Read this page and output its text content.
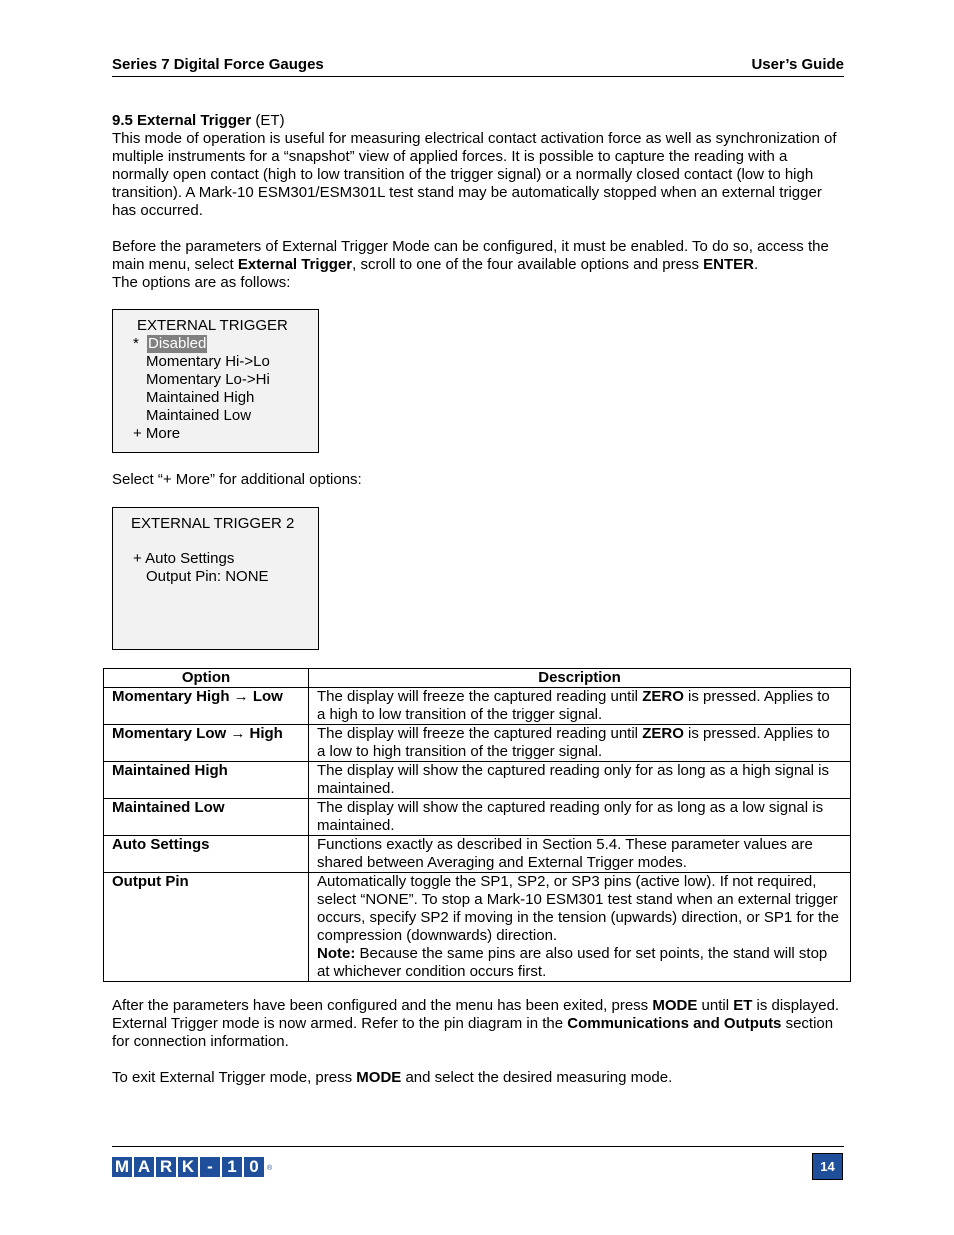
Series 7 Digital Force Gauges	User’s Guide
9.5 External Trigger (ET)
This mode of operation is useful for measuring electrical contact activation force as well as synchronization of multiple instruments for a “snapshot” view of applied forces. It is possible to capture the reading with a normally open contact (high to low transition of the trigger signal) or a normally closed contact (low to high transition). A Mark-10 ESM301/ESM301L test stand may be automatically stopped when an external trigger has occurred.
Before the parameters of External Trigger Mode can be configured, it must be enabled. To do so, access the main menu, select External Trigger, scroll to one of the four available options and press ENTER.
The options are as follows:
EXTERNAL TRIGGER
* Disabled
Momentary Hi->Lo
Momentary Lo->Hi
Maintained High
Maintained Low
+ More
Select “+ More” for additional options:
EXTERNAL TRIGGER 2
+ Auto Settings
Output Pin: NONE
Option	Description
Momentary High → Low	The display will freeze the captured reading until ZERO is pressed. Applies to a high to low transition of the trigger signal.
Momentary Low → High	The display will freeze the captured reading until ZERO is pressed. Applies to a low to high transition of the trigger signal.
Maintained High	The display will show the captured reading only for as long as a high signal is maintained.
Maintained Low	The display will show the captured reading only for as long as a low signal is maintained.
Auto Settings	Functions exactly as described in Section 5.4. These parameter values are shared between Averaging and External Trigger modes.
Output Pin	Automatically toggle the SP1, SP2, or SP3 pins (active low). If not required, select “NONE”. To stop a Mark-10 ESM301 test stand when an external trigger occurs, specify SP2 if moving in the tension (upwards) direction, or SP1 for the compression (downwards) direction.
Note: Because the same pins are also used for set points, the stand will stop at whichever condition occurs first.
After the parameters have been configured and the menu has been exited, press MODE until ET is displayed. External Trigger mode is now armed. Refer to the pin diagram in the Communications and Outputs section for connection information.
To exit External Trigger mode, press MODE and select the desired measuring mode.
M A R K - 1 0	®	14
